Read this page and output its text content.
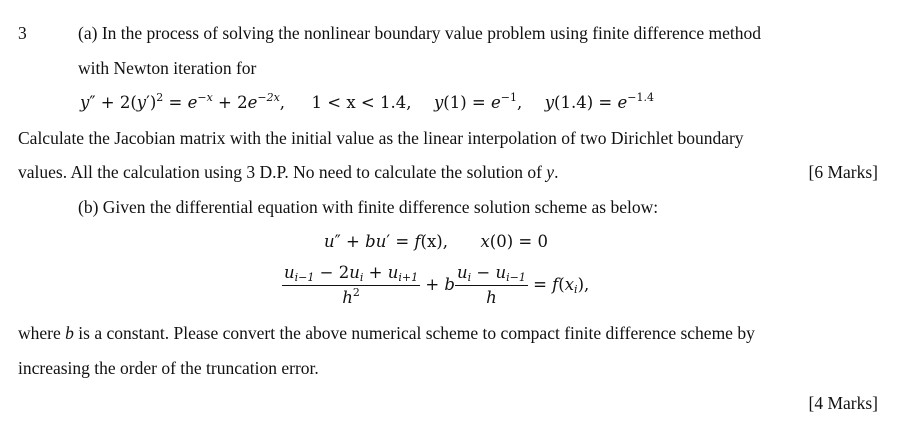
3	(a) In the process of solving the nonlinear boundary value problem using finite difference method
with Newton iteration for
$y'' + 2(y')^2 = e^{-x} + 2e^{-2x}$, 1 < x < 1.4, $y(1) = e^{-1}$, $y(1.4) = e^{-1.4}$
Calculate the Jacobian matrix with the initial value as the linear interpolation of two Dirichlet boundary
values. All the calculation using 3 D.P. No need to calculate the solution of y.	[6 Marks]
(b) Given the differential equation with finite difference solution scheme as below:
u″ + bu′ = f(x), x(0) = 0
$\frac{u_{i-1} - 2u_i + u_{i+1}}{h^2} + b \frac{u_i - u_{i-1}}{h} = f(x_i)$,
where b is a constant. Please convert the above numerical scheme to compact finite difference scheme by
increasing the order of the truncation error.
[4 Marks]
